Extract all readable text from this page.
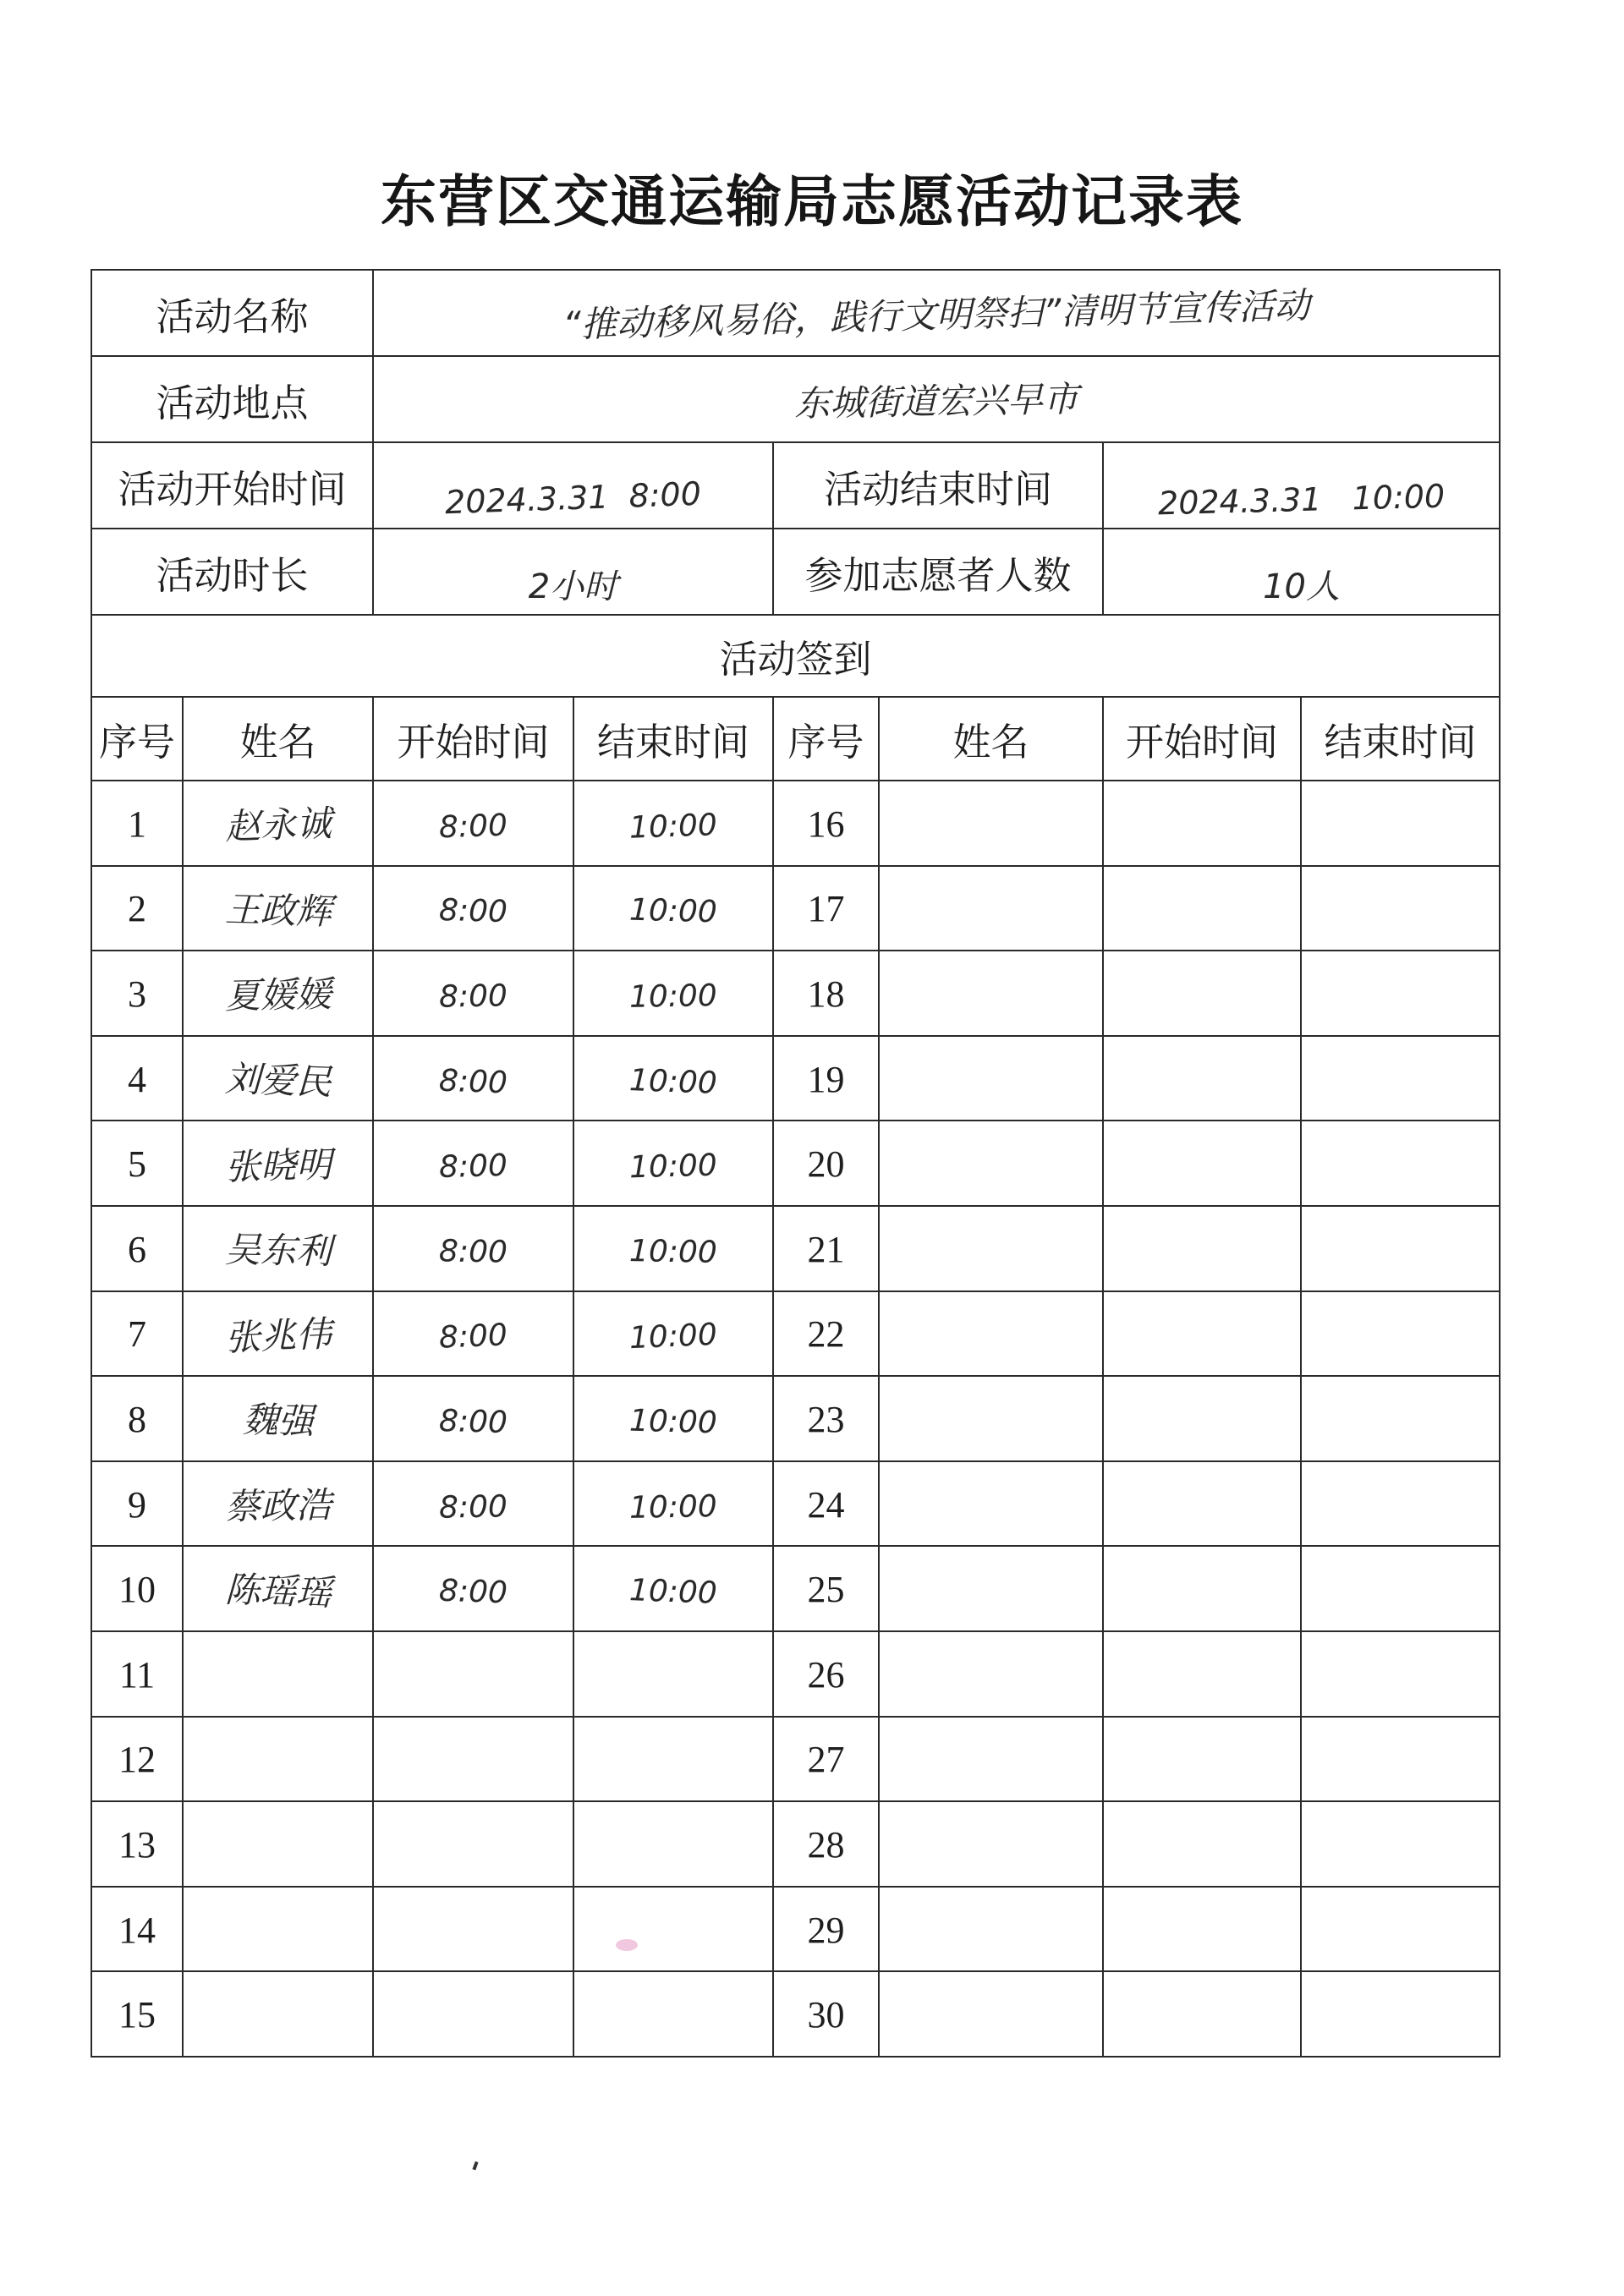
东营区交通运输局志愿活动记录表
活动名称		“推动移风易俗，践行文明祭扫”清明节宣传活动					
活动地点		东城街道宏兴早市					
活动开始时间		2024.3.31  8:00		活动结束时间		2024.3.31   10:00	
活动时长		2小时		参加志愿者人数		10人	
活动签到							
序号	姓名	开始时间	结束时间	序号	姓名	开始时间	结束时间
1	赵永诚	8:00	10:00	16			
2	王政辉	8:00	10:00	17			
3	夏媛媛	8:00	10:00	18			
4	刘爱民	8:00	10:00	19			
5	张晓明	8:00	10:00	20			
6	吴东利	8:00	10:00	21			
7	张兆伟	8:00	10:00	22			
8	魏强	8:00	10:00	23			
9	蔡政浩	8:00	10:00	24			
10	陈瑶瑶	8:00	10:00	25			
11				26			
12				27			
13				28			
14				29			
15				30			
